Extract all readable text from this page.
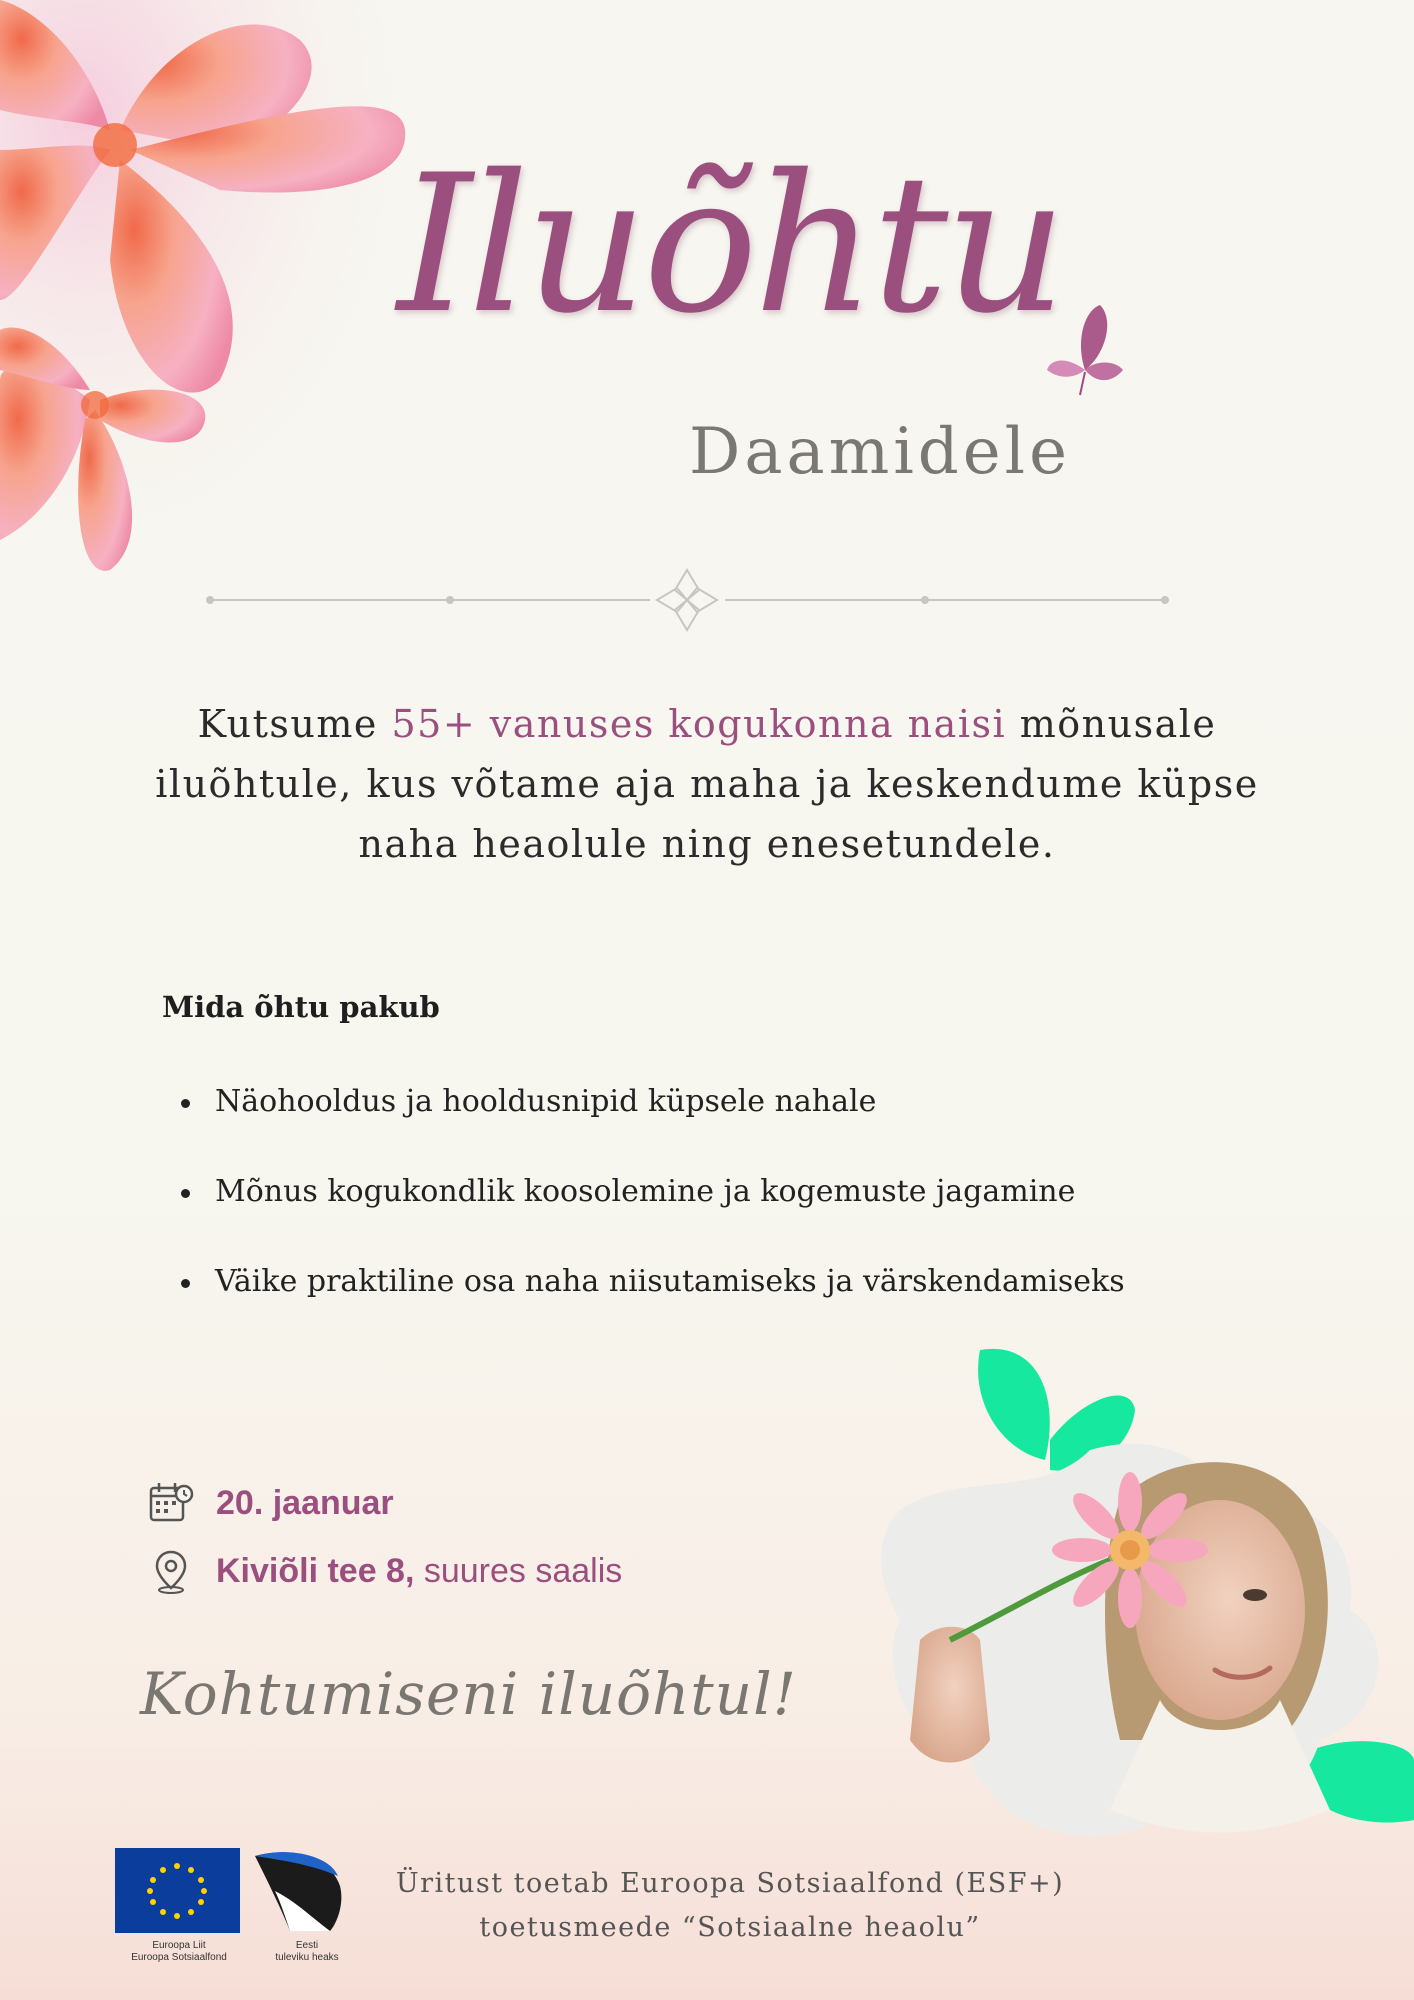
Iluõhtu
Daamidele
Kutsume 55+ vanuses kogukonna naisi mõnusale iluõhtule, kus võtame aja maha ja keskendume küpse naha heaolule ning enesetundele.
Mida õhtu pakub
Näohooldus ja hooldusnipid küpsele nahale
Mõnus kogukondlik koosolemine ja kogemuste jagamine
Väike praktiline osa naha niisutamiseks ja värskendamiseks
20. jaanuar
Kiviõli tee 8, suures saalis
Kohtumiseni iluõhtul!
Euroopa Liit
Euroopa Sotsiaalfond
Eesti
tuleviku heaks
Üritust toetab Euroopa Sotsiaalfond (ESF+)
toetusmeede “Sotsiaalne heaolu”
